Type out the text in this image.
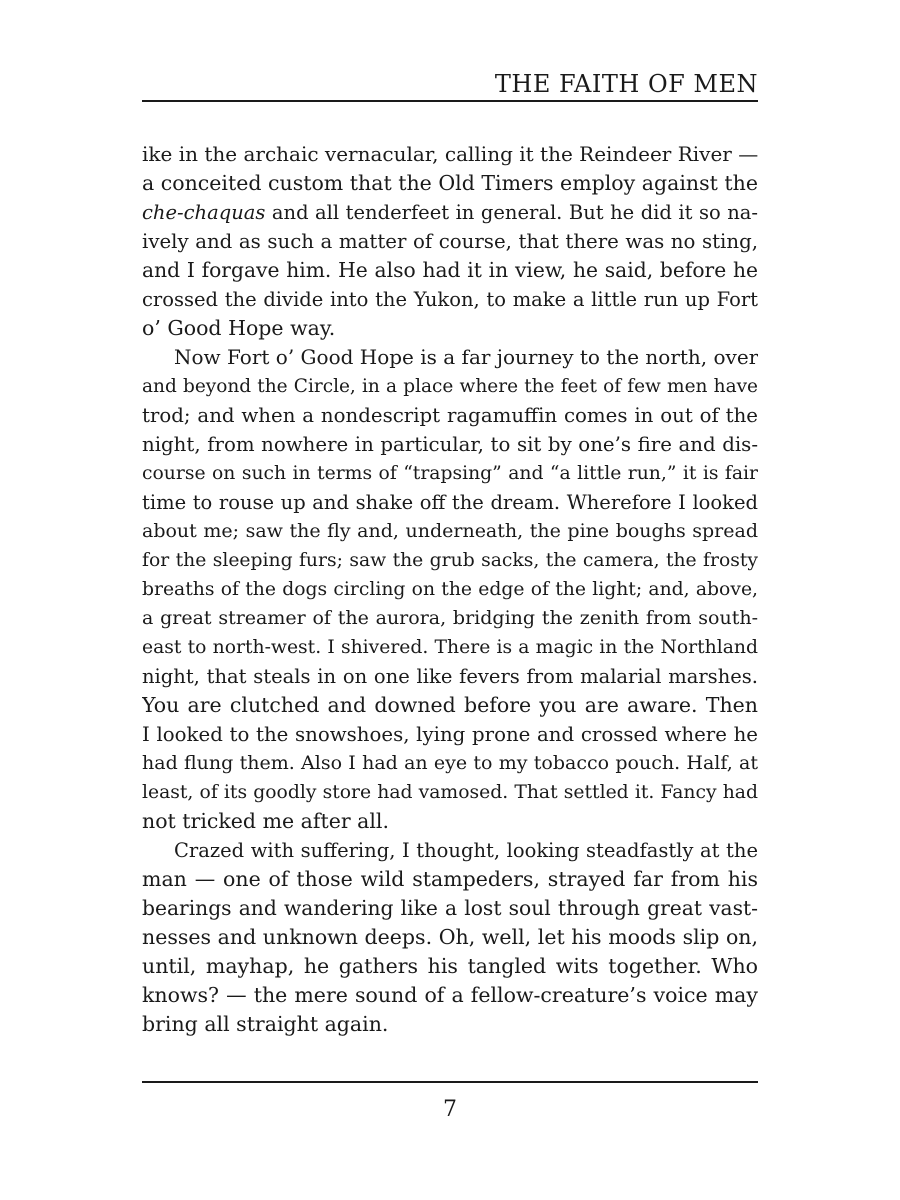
THE FAITH OF MEN
ike in the archaic vernacular, calling it the Reindeer River —
a conceited custom that the Old Timers employ against the
che-chaquas and all tenderfeet in general. But he did it so na-
ively and as such a matter of course, that there was no sting,
and I forgave him. He also had it in view, he said, before he
crossed the divide into the Yukon, to make a little run up Fort
o’ Good Hope way.
Now Fort o’ Good Hope is a far journey to the north, over
and beyond the Circle, in a place where the feet of few men have
trod; and when a nondescript ragamuffin comes in out of the
night, from nowhere in particular, to sit by one’s fire and dis-
course on such in terms of “trapsing” and “a little run,” it is fair
time to rouse up and shake off the dream. Wherefore I looked
about me; saw the fly and, underneath, the pine boughs spread
for the sleeping furs; saw the grub sacks, the camera, the frosty
breaths of the dogs circling on the edge of the light; and, above,
a great streamer of the aurora, bridging the zenith from south-
east to north-west. I shivered. There is a magic in the Northland
night, that steals in on one like fevers from malarial marshes.
You are clutched and downed before you are aware. Then
I looked to the snowshoes, lying prone and crossed where he
had flung them. Also I had an eye to my tobacco pouch. Half, at
least, of its goodly store had vamosed. That settled it. Fancy had
not tricked me after all.
Crazed with suffering, I thought, looking steadfastly at the
man — one of those wild stampeders, strayed far from his
bearings and wandering like a lost soul through great vast-
nesses and unknown deeps. Oh, well, let his moods slip on,
until, mayhap, he gathers his tangled wits together. Who
knows? — the mere sound of a fellow-creature’s voice may
bring all straight again.
7
